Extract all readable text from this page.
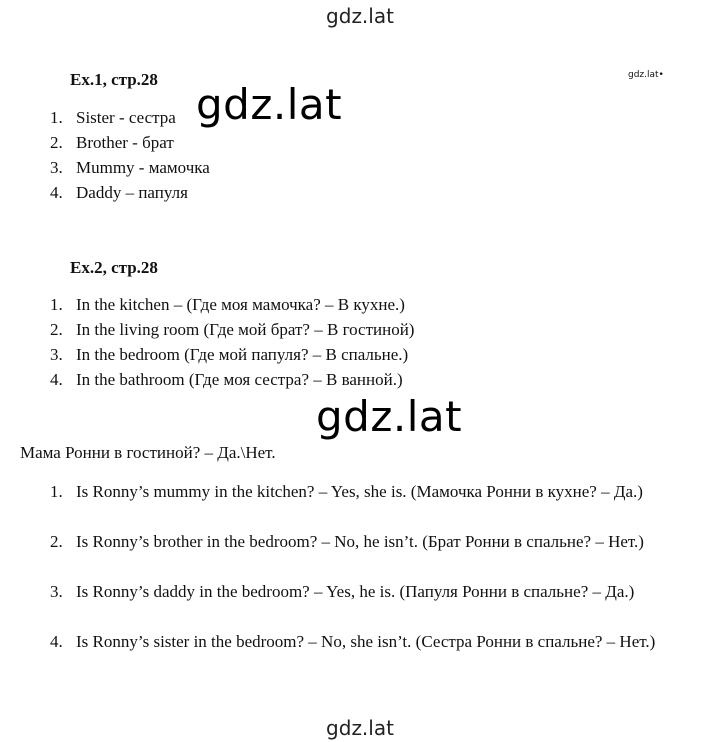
gdz.lat
gdz.lat•
Ex.1, стр.28
1. Sister - сестра
2. Brother - брат
3. Mummy - мамочка
4. Daddy – папуля
gdz.lat
Ex.2, стр.28
1. In the kitchen – (Где моя мамочка? – В кухне.)
2. In the living room (Где мой брат? – В гостиной)
3. In the bedroom (Где мой папуля? – В спальне.)
4. In the bathroom (Где моя сестра? – В ванной.)
gdz.lat
Мама Ронни в гостиной? – Да.\Нет.
1. Is Ronny’s mummy in the kitchen? – Yes, she is. (Мамочка Ронни в кухне? – Да.)
2. Is Ronny’s brother in the bedroom? – No, he isn’t. (Брат Ронни в спальне? – Нет.)
3. Is Ronny’s daddy in the bedroom? – Yes, he is. (Папуля Ронни в спальне? – Да.)
4. Is Ronny’s sister in the bedroom? – No, she isn’t. (Сестра Ронни в спальне? – Нет.)
gdz.lat
